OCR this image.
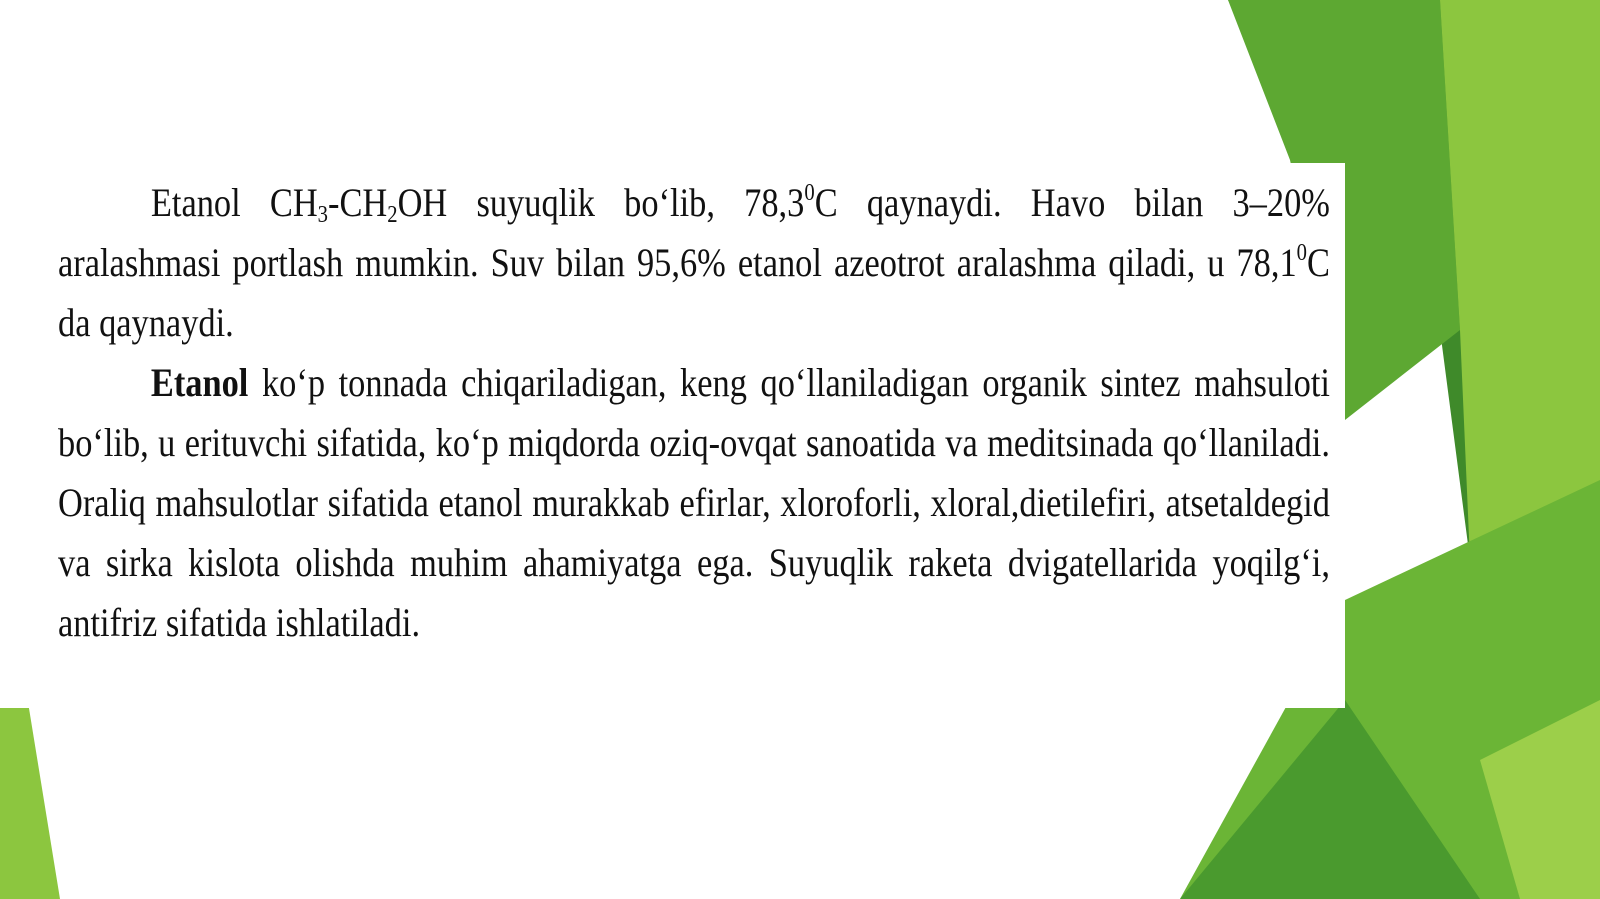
Etanol $CH_3-CH_2OH$ suyuqlik bo‘lib, 78,3$^0$C qaynaydi. Havo bilan 3–20% aralashmasi portlash mumkin. Suv bilan 95,6% etanol azeotrot aralashma qiladi, u 78,1$^0$C da qaynaydi.

Etanol ko‘p tonnada chiqariladigan, keng qo‘llaniladigan organik sintez mahsuloti bo‘lib, u erituvchi sifatida, ko‘p miqdorda oziq-ovqat sanoatida va meditsinada qo‘llaniladi. Oraliq mahsulotlar sifatida etanol murakkab efirlar, xloroforli, xloral,dietilefiri, atsetaldegid va sirka kislota olishda muhim ahamiyatga ega. Suyuqlik raketa dvigatellarida yoqilg‘i, antifriz sifatida ishlatiladi.
